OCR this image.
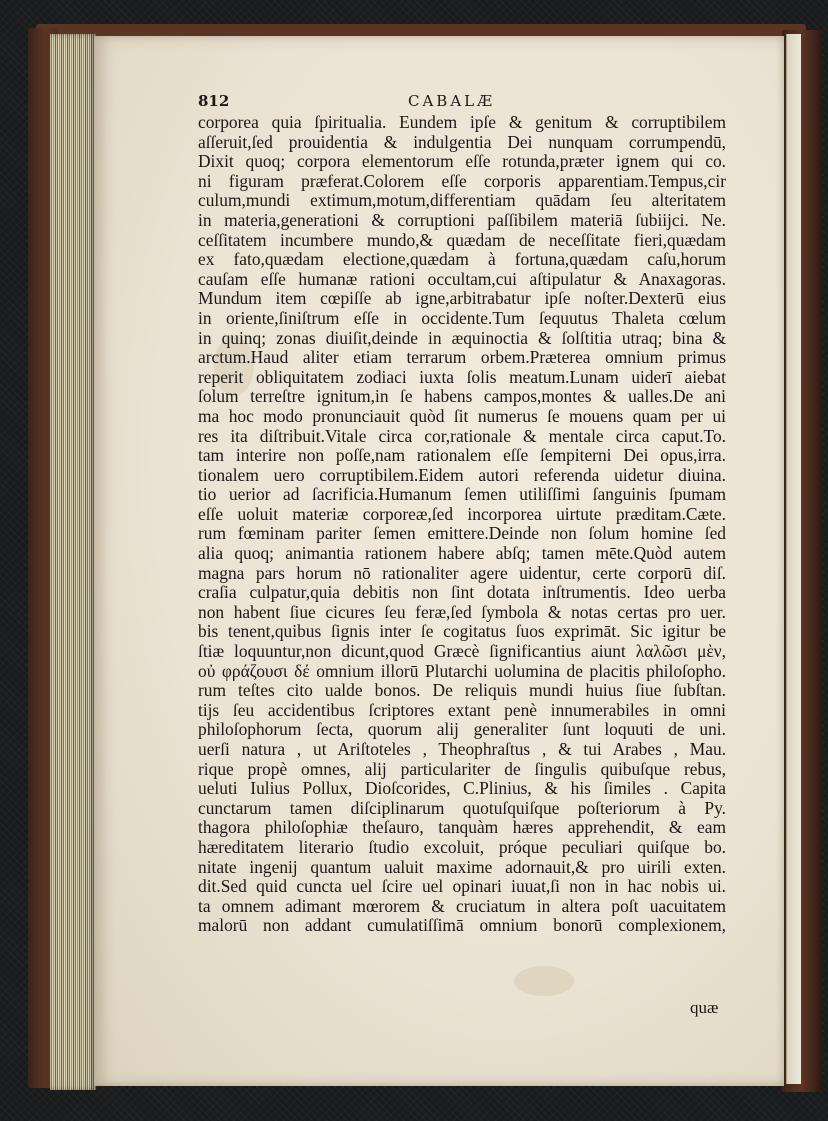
812	CABALÆ
corporea quia ſpiritualia. Eundem ipſe & genitum & corruptibilem
aſſeruit,ſed prouidentia & indulgentia Dei nunquam corrumpendū,
Dixit quoq; corpora elementorum eſſe rotunda,prӕter ignem qui co.
ni figuram præferat.Colorem eſſe corporis apparentiam.Tempus,cir
culum,mundi extimum,motum,differentiam quādam ſeu alteritatem
in materia,generationi & corruptioni paſſibilem materiā ſubiĳci. Ne.
ceſſitatem incumbere mundo,& quædam de neceſſitate fieri,quӕdam
ex fato,quædam electione,quædam à fortuna,quædam caſu,horum
cauſam eſſe humanæ rationi occultam,cui aſtipulatur & Anaxagoras.
Mundum item cœpiſſe ab igne,arbitrabatur ipſe noſter.Dexterū eius
in oriente,ſiniſtrum eſſe in occidente.Tum ſequutus Thaleta cœlum
in quinq; zonas diuiſit,deinde in æquinoctia & ſolſtitia utraq; bina &
arctum.Haud aliter etiam terrarum orbem.Prӕterea omnium primus
reperit obliquitatem zodiaci iuxta ſolis meatum.Lunam uiderī aiebat
ſolum terreſtre ignitum,in ſe habens campos,montes & ualles.De ani
ma hoc modo pronunciauit quòd ſit numerus ſe mouens quam per ui
res ita diſtribuit.Vitale circa cor,rationale & mentale circa caput.To.
tam interire non poſſe,nam rationalem eſſe ſempiterni Dei opus,irra.
tionalem uero corruptibilem.Eidem autori referenda uidetur diuina.
tio uerior ad ſacrificia.Humanum ſemen utiliſſimi ſanguinis ſpumam
eſſe uoluit materiæ corporeæ,ſed incorporea uirtute prӕditam.Cӕte.
rum fœminam pariter ſemen emittere.Deinde non ſolum homine ſed
alia quoq; animantia rationem habere abſq; tamen mēte.Quòd autem
magna pars horum nō rationaliter agere uidentur, certe corporū diſ.
craſia culpatur,quia debitis non ſint dotata inſtrumentis. Ideo uerba
non habent ſiue cicures ſeu feræ,ſed ſymbola & notas certas pro uer.
bis tenent,quibus ſignis inter ſe cogitatus ſuos exprimāt. Sic igitur be
ſtiæ loquuntur,non dicunt,quod Græcè ſignificantius aiunt λαλῶσι μὲν,
οὐ φράζουσι δέ omnium illorū Plutarchi uolumina de placitis philoſopho.
rum teſtes cito ualde bonos. De reliquis mundi huius ſiue ſubſtan.
tĳs ſeu accidentibus ſcriptores extant penè innumerabiles in omni
philoſophorum ſecta, quorum alĳ generaliter ſunt loquuti de uni.
uerſi natura , ut Ariſtoteles , Theophraſtus , & tui Arabes , Mau.
rique propè omnes, alĳ particulariter de ſingulis quibuſque rebus,
ueluti Iulius Pollux, Dioſcorides, C.Plinius, & his ſimiles . Capita
cunctarum tamen diſciplinarum quotuſquiſque poſteriorum à Py.
thagora philoſophiæ theſauro, tanquàm hæres apprehendit, & eam
hæreditatem literario ſtudio excoluit, próque peculiari quiſque bo.
nitate ingenĳ quantum ualuit maxime adornauit,& pro uirili exten.
dit.Sed quid cuncta uel ſcire uel opinari iuuat,ſi non in hac nobis ui.
ta omnem adimant mœrorem & cruciatum in altera poſt uacuitatem
malorū non addant cumulatiſſimā omnium bonorū complexionem,
quæ
